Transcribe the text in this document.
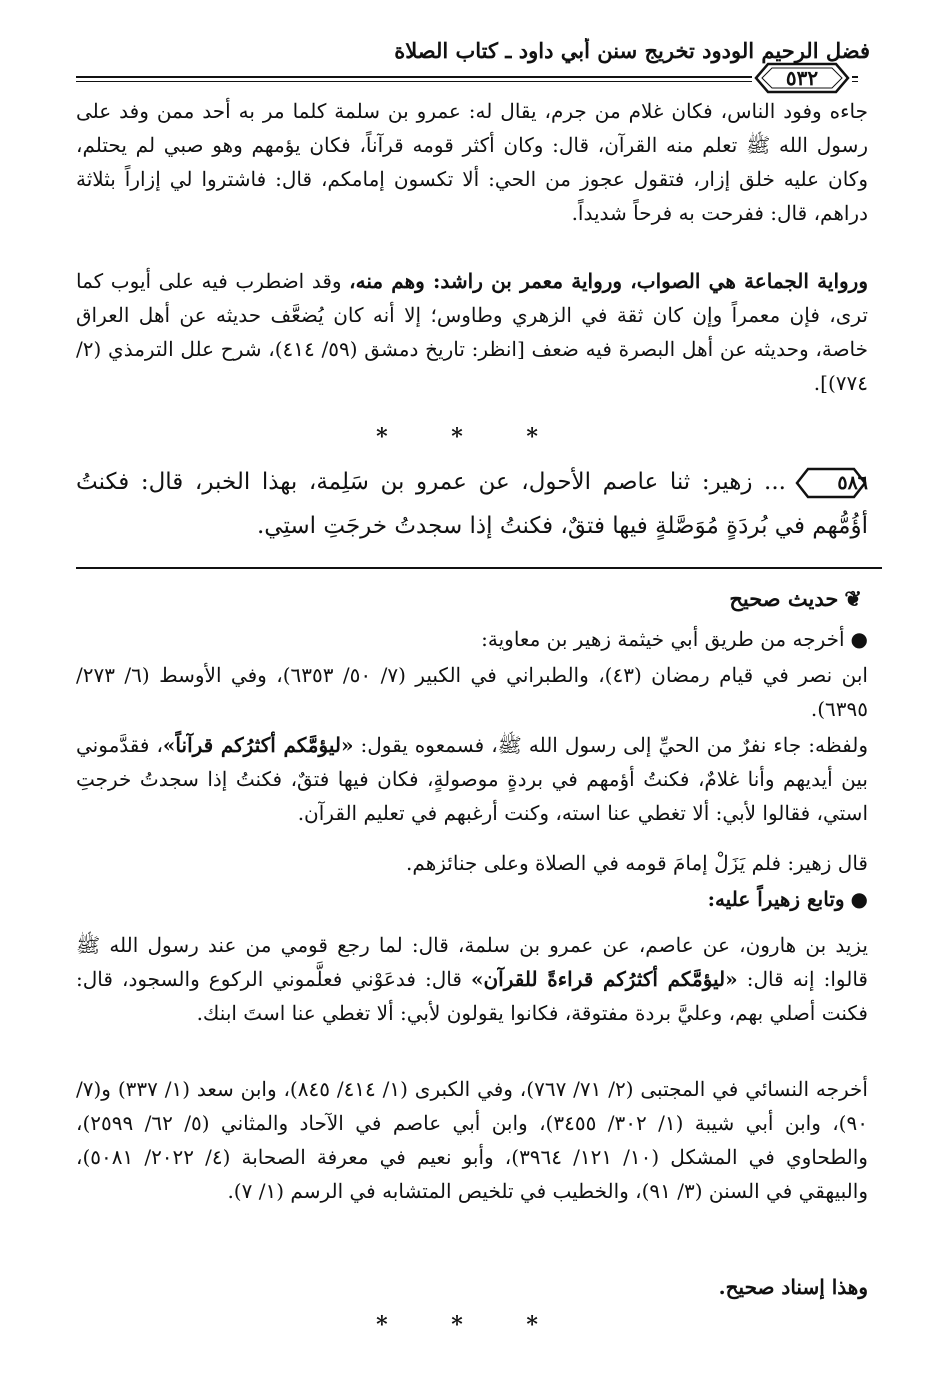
فضل الرحيم الودود تخريج سنن أبي داود ـ كتاب الصلاة
٥٣٢

جاءه وفود الناس، فكان غلام من جرم، يقال له: عمرو بن سلمة كلما مر به أحد ممن وفد على رسول الله ﷺ تعلم منه القرآن، قال: وكان أكثر قومه قرآناً، فكان يؤمهم وهو صبي لم يحتلم، وكان عليه خلق إزار، فتقول عجوز من الحي: ألا تكسون إمامكم، قال: فاشتروا لي إزاراً بثلاثة دراهم، قال: ففرحت به فرحاً شديداً.

ورواية الجماعة هي الصواب، ورواية معمر بن راشد: وهم منه، وقد اضطرب فيه على أيوب كما ترى، فإن معمراً وإن كان ثقة في الزهري وطاوس؛ إلا أنه كان يُضعَّف حديثه عن أهل العراق خاصة، وحديثه عن أهل البصرة فيه ضعف [انظر: تاريخ دمشق (٥٩/ ٤١٤)، شرح علل الترمذي (٢/ ٧٧٤)].

* * *

٥٨٦
... زهير: ثنا عاصم الأحول، عن عمرو بن سَلِمة، بهذا الخبر، قال: فكنتُ أؤُمُّهم في بُردَةٍ مُوَصَّلةٍ فيها فتقٌ، فكنتُ إذا سجدتُ خرجَتِ استِي.

❦حديث صحيح

●أخرجه من طريق أبي خيثمة زهير بن معاوية:

ابن نصر في قيام رمضان (٤٣)، والطبراني في الكبير (٧/ ٥٠/ ٦٣٥٣)، وفي الأوسط (٦/ ٢٧٣/ ٦٣٩٥).

ولفظه: جاء نفرٌ من الحيِّ إلى رسول الله ﷺ، فسمعوه يقول: «ليؤمَّكم أكثرُكم قرآناً»، فقدَّموني بين أيديهم وأنا غلامٌ، فكنتُ أؤمهم في بردةٍ موصولةٍ، فكان فيها فتقٌ، فكنتُ إذا سجدتُ خرجتِ استي، فقالوا لأبي: ألا تغطي عنا استه، وكنت أرغبهم في تعليم القرآن.

قال زهير: فلم يَزَلْ إمامَ قومه في الصلاة وعلى جنائزهم.

●وتابع زهيراً عليه:

يزيد بن هارون، عن عاصم، عن عمرو بن سلمة، قال: لما رجع قومي من عند رسول الله ﷺ قالوا: إنه قال: «ليؤمَّكم أكثرُكم قراءةً للقرآن» قال: فدعَوْني فعلَّموني الركوع والسجود، قال: فكنت أصلي بهم، وعليَّ بردة مفتوقة، فكانوا يقولون لأبي: ألا تغطي عنا استَ ابنك.

أخرجه النسائي في المجتبى (٢/ ٧١/ ٧٦٧)، وفي الكبرى (١/ ٤١٤/ ٨٤٥)، وابن سعد (١/ ٣٣٧) و(٧/ ٩٠)، وابن أبي شيبة (١/ ٣٠٢/ ٣٤٥٥)، وابن أبي عاصم في الآحاد والمثاني (٥/ ٦٢/ ٢٥٩٩)، والطحاوي في المشكل (١٠/ ١٢١/ ٣٩٦٤)، وأبو نعيم في معرفة الصحابة (٤/ ٢٠٢٢/ ٥٠٨١)، والبيهقي في السنن (٣/ ٩١)، والخطيب في تلخيص المتشابه في الرسم (١/ ٧).

وهذا إسناد صحيح.

* * *
